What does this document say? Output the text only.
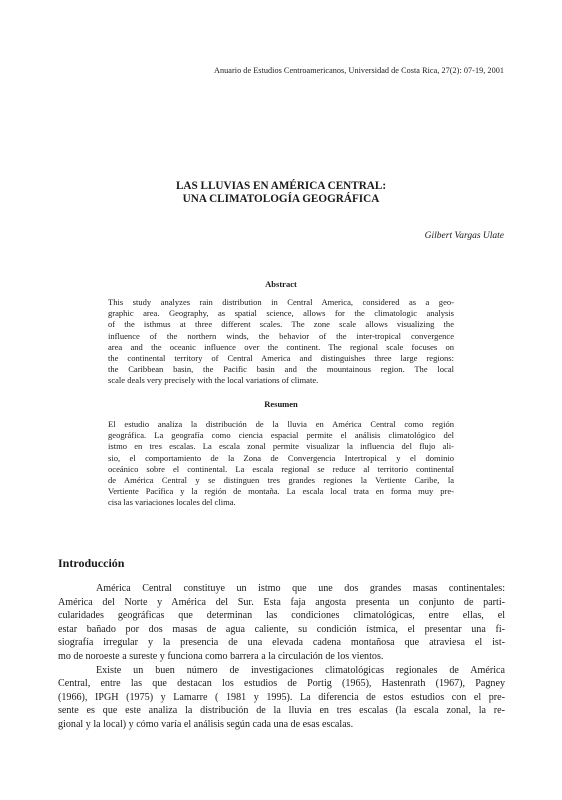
Anuario de Estudios Centroamericanos, Universidad de Costa Rica, 27(2): 07-19, 2001
LAS LLUVIAS EN AMÉRICA CENTRAL:
UNA CLIMATOLOGÍA GEOGRÁFICA
Gilbert Vargas Ulate
Abstract
This study analyzes rain distribution in Central America, considered as a geo-
graphic area. Geography, as spatial science, allows for the climatologic analysis
of the isthmus at three different scales. The zone scale allows visualizing the
influence of the northern winds, the behavior of the inter-tropical convergence
area and the oceanic influence over the continent. The regional scale focuses on
the continental territory of Central America and distinguishes three large regions:
the Caribbean basin, the Pacific basin and the mountainous region. The local
scale deals very precisely with the local variations of climate.
Resumen
El estudio analiza la distribución de la lluvia en América Central como región
geográfica. La geografía como ciencia espacial permite el análisis climatológico del
istmo en tres escalas. La escala zonal permite visualizar la influencia del flujo ali-
sio, el comportamiento de la Zona de Convergencia Intertropical y el dominio
oceánico sobre el continental. La escala regional se reduce al territorio continental
de América Central y se distinguen tres grandes regiones la Vertiente Caribe, la
Vertiente Pacífica y la región de montaña. La escala local trata en forma muy pre-
cisa las variaciones locales del clima.
Introducción
América Central constituye un istmo que une dos grandes masas continentales:
América del Norte y América del Sur. Esta faja angosta presenta un conjunto de parti-
cularidades geográficas que determinan las condiciones climatológicas, entre ellas, el
estar bañado por dos masas de agua caliente, su condición ístmica, el presentar una fi-
siografía irregular y la presencia de una elevada cadena montañosa que atraviesa el ist-
mo de noroeste a sureste y funciona como barrera a la circulación de los vientos.
Existe un buen número de investigaciones climatológicas regionales de América
Central, entre las que destacan los estudios de Portig (1965), Hastenrath (1967), Pagney
(1966), IPGH (1975) y Lamarre ( 1981 y 1995). La diferencia de estos estudios con el pre-
sente es que este analiza la distribución de la lluvia en tres escalas (la escala zonal, la re-
gional y la local) y cómo varía el análisis según cada una de esas escalas.
